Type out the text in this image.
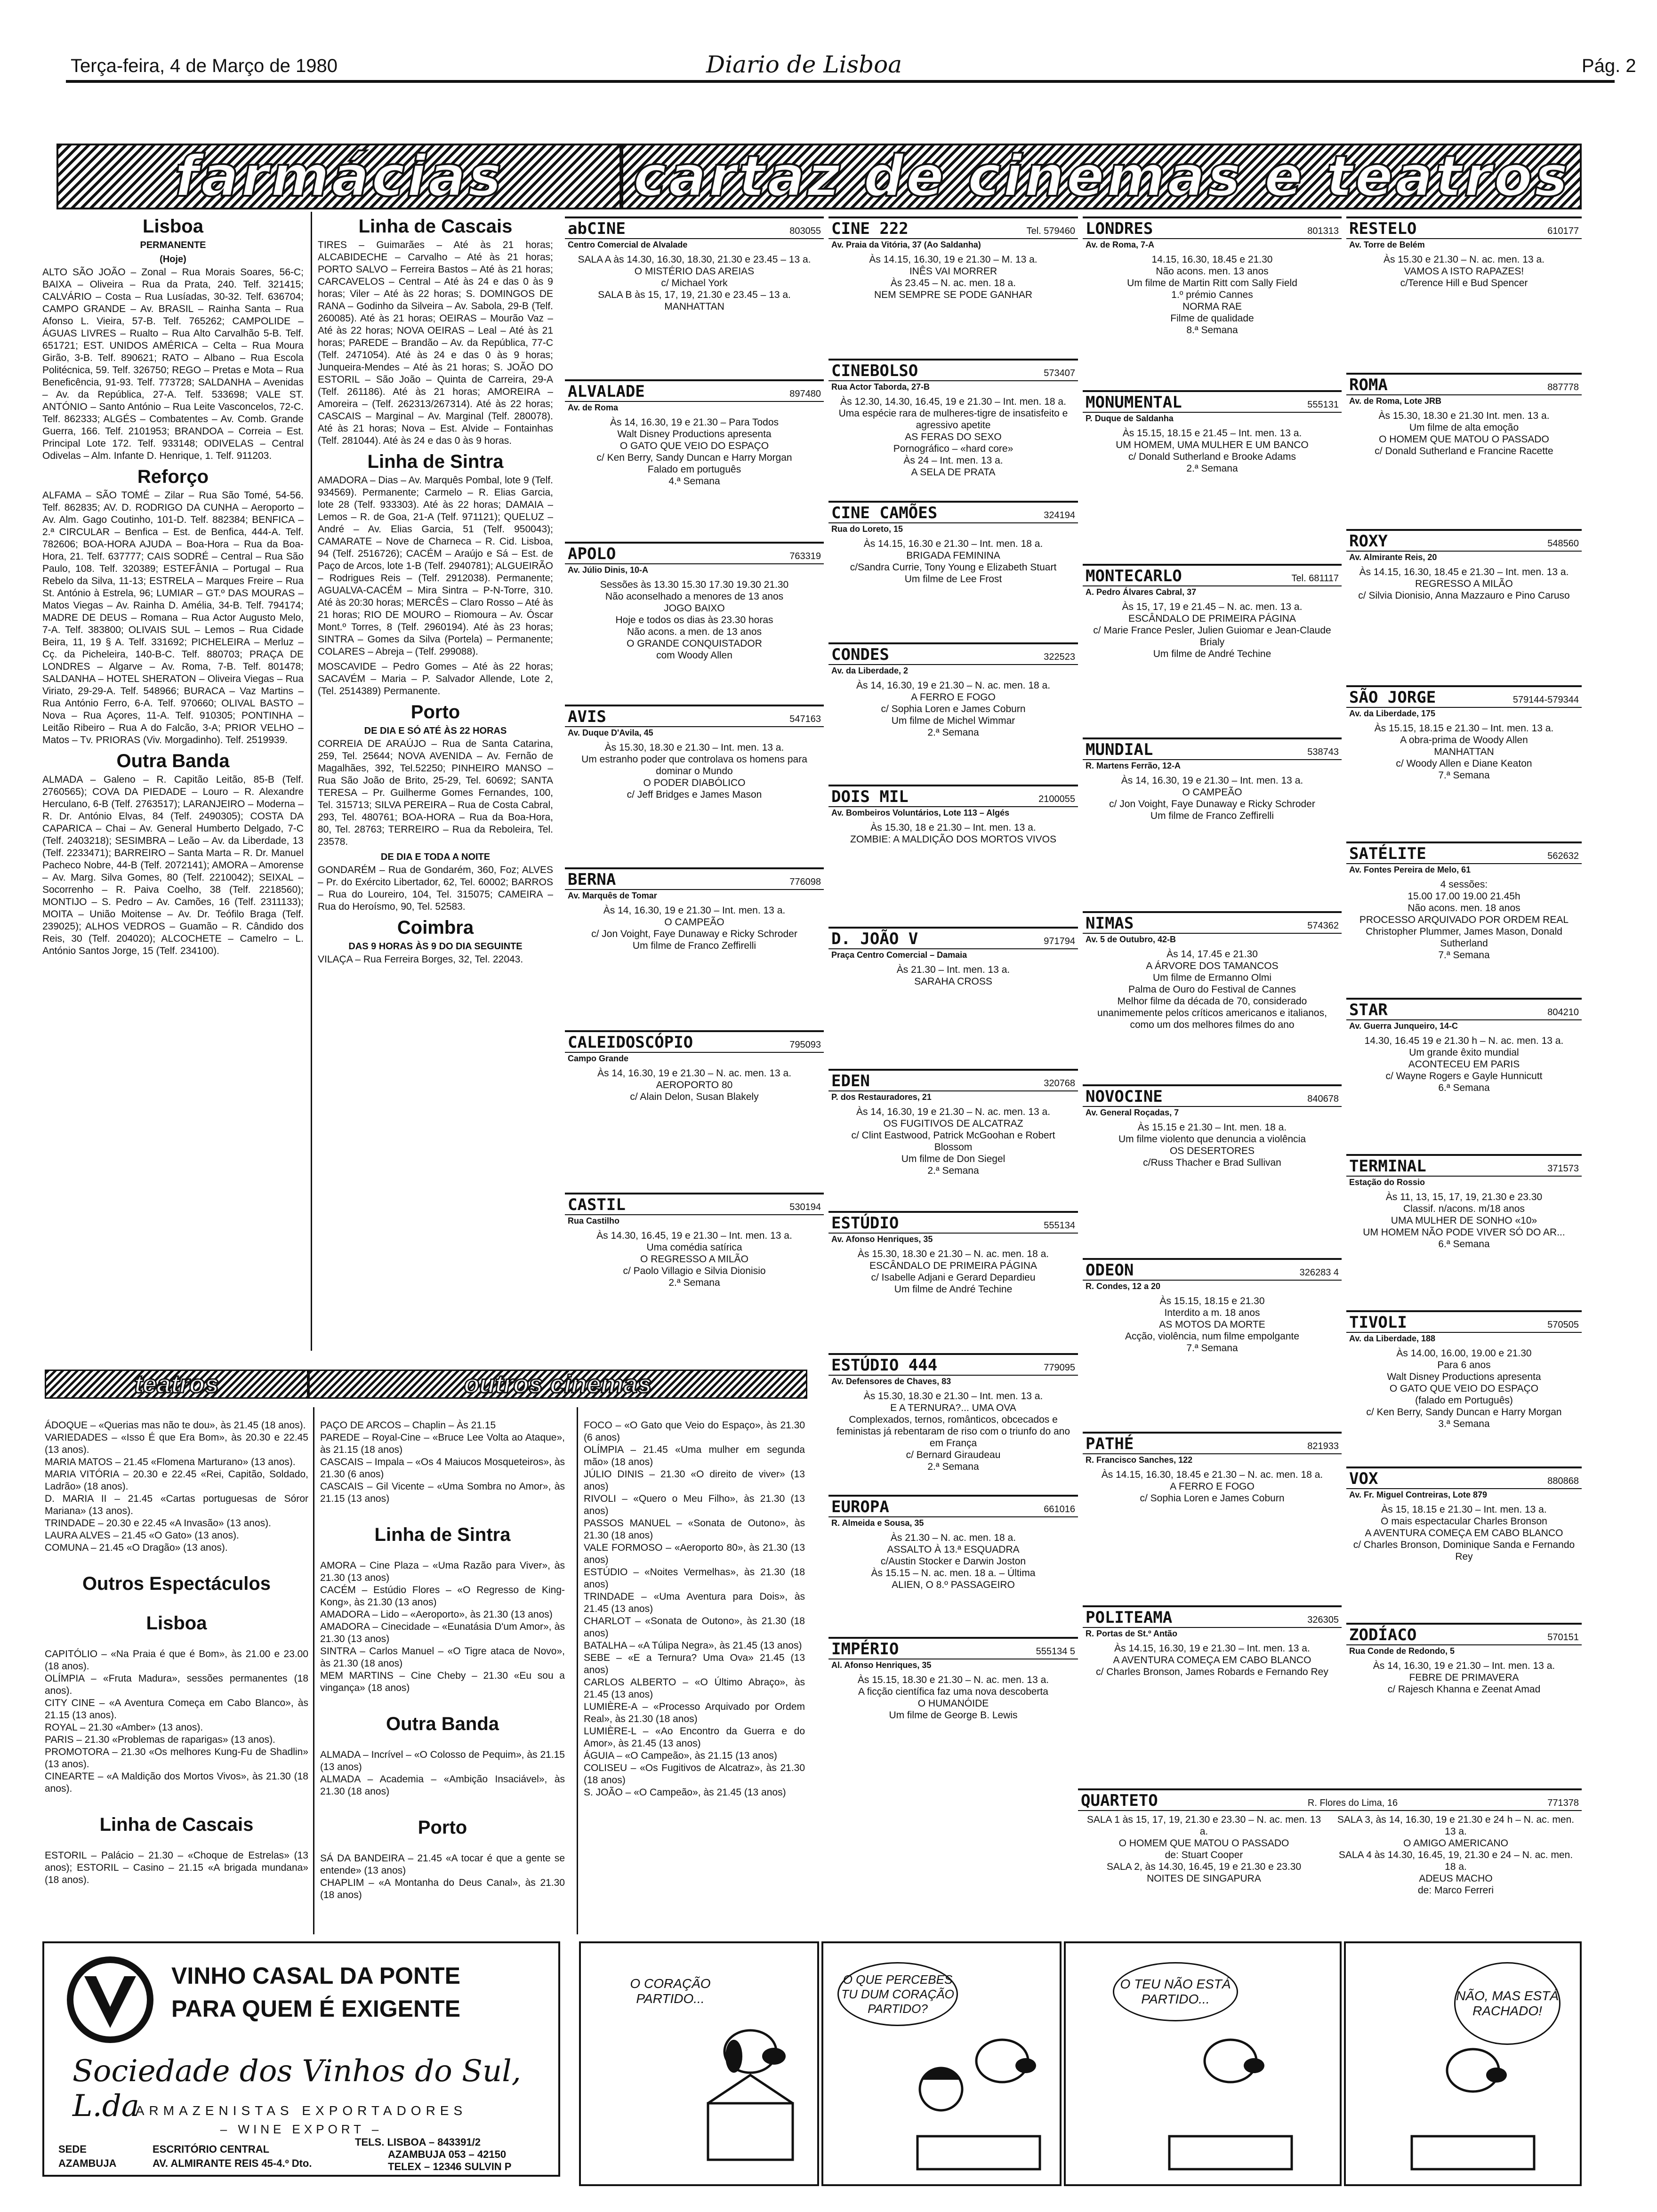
Terça-feira, 4 de Março de 1980	Diario de Lisboa	Pág. 2
farmácias cartaz de cinemas e teatros
Lisboa
PERMANENTE
(Hoje)

ALTO SÃO JOÃO – Zonal – Rua Morais Soares, 56-C; BAIXA – Oliveira – Rua da Prata, 240. Telf. 321415; CALVÁRIO – Costa – Rua Lusíadas, 30-32. Telf. 636704; CAMPO GRANDE – Av. BRASIL – Rainha Santa – Rua Afonso L. Vieira, 57-B. Telf. 765262; CAMPOLIDE – ÁGUAS LIVRES – Rualto – Rua Alto Carvalhão 5-B. Telf. 651721; EST. UNIDOS AMÉRICA – Celta – Rua Moura Girão, 3-B. Telf. 890621; RATO – Albano – Rua Escola Politécnica, 59. Telf. 326750; REGO – Pretas e Mota – Rua Beneficência, 91-93. Telf. 773728; SALDANHA – Avenidas – Av. da República, 27-A. Telf. 533698; VALE ST. ANTÓNIO – Santo António – Rua Leite Vasconcelos, 72-C. Telf. 862333; ALGÉS – Combatentes – Av. Comb. Grande Guerra, 166. Telf. 2101953; BRANDOA – Correia – Est. Principal Lote 172. Telf. 933148; ODIVELAS – Central Odivelas – Alm. Infante D. Henrique, 1. Telf. 911203.

Reforço

ALFAMA – SÃO TOMÉ – Zilar – Rua São Tomé, 54-56. Telf. 862835; AV. D. RODRIGO DA CUNHA – Aeroporto – Av. Alm. Gago Coutinho, 101-D. Telf. 882384; BENFICA – 2.ª CIRCULAR – Benfica – Est. de Benfica, 444-A. Telf. 782606; BOA-HORA AJUDA – Boa-Hora – Rua da Boa-Hora, 21. Telf. 637777; CAIS SODRÉ – Central – Rua São Paulo, 108. Telf. 320389; ESTEFÂNIA – Portugal – Rua Rebelo da Silva, 11-13; ESTRELA – Marques Freire – Rua St. António à Estrela, 96; LUMIAR – GT.º DAS MOURAS – Matos Viegas – Av. Rainha D. Amélia, 34-B. Telf. 794174; MADRE DE DEUS – Romana – Rua Actor Augusto Melo, 7-A. Telf. 383800; OLIVAIS SUL – Lemos – Rua Cidade Beira, 11, 19 § A. Telf. 331692; PICHELEIRA – Merluz – Cç. da Picheleira, 140-B-C. Telf. 880703; PRAÇA DE LONDRES – Algarve – Av. Roma, 7-B. Telf. 801478; SALDANHA – HOTEL SHERATON – Oliveira Viegas – Rua Viriato, 29-29-A. Telf. 548966; BURACA – Vaz Martins – Rua António Ferro, 6-A. Telf. 970660; OLIVAL BASTO – Nova – Rua Açores, 11-A. Telf. 910305; PONTINHA – Leitão Ribeiro – Rua A do Falcão, 3-A; PRIOR VELHO – Matos – Tv. PRIORAS (Viv. Morgadinho). Telf. 2519939.

Outra Banda

ALMADA – Galeno – R. Capitão Leitão, 85-B (Telf. 2760565); COVA DA PIEDADE – Louro – R. Alexandre Herculano, 6-B (Telf. 2763517); LARANJEIRO – Moderna – R. Dr. António Elvas, 84 (Telf. 2490305); COSTA DA CAPARICA – Chai – Av. General Humberto Delgado, 7-C (Telf. 2403218); SESIMBRA – Leão – Av. da Liberdade, 13 (Telf. 2233471); BARREIRO – Santa Marta – R. Dr. Manuel Pacheco Nobre, 44-B (Telf. 2072141); AMORA – Amorense – Av. Marg. Silva Gomes, 80 (Telf. 2210042); SEIXAL – Socorrenho – R. Paiva Coelho, 38 (Telf. 2218560); MONTIJO – S. Pedro – Av. Camões, 16 (Telf. 2311133); MOITA – União Moitense – Av. Dr. Teófilo Braga (Telf. 239025); ALHOS VEDROS – Guamão – R. Cândido dos Reis, 30 (Telf. 204020); ALCOCHETE – Camelro – L. António Santos Jorge, 15 (Telf. 234100).

Linha de Cascais

TIRES – Guimarães – Até às 21 horas; ALCABIDECHE – Carvalho – Até às 21 horas; PORTO SALVO – Ferreira Bastos – Até às 21 horas; CARCAVELOS – Central – Até às 24 e das 0 às 9 horas; Viler – Até às 22 horas; S. DOMINGOS DE RANA – Godinho da Silveira – Av. Sabola, 29-B (Telf. 260085). Até às 21 horas; OEIRAS – Mourão Vaz – Até às 22 horas; NOVA OEIRAS – Leal – Até às 21 horas; PAREDE – Brandão – Av. da República, 77-C (Telf. 2471054). Até às 24 e das 0 às 9 horas; Junqueira-Mendes – Até às 21 horas; S. JOÃO DO ESTORIL – São João – Quinta de Carreira, 29-A (Telf. 261186). Até às 21 horas; AMOREIRA – Amoreira – (Telf. 262313/267314). Até às 22 horas; CASCAIS – Marginal – Av. Marginal (Telf. 280078). Até às 21 horas; Nova – Est. Alvide – Fontainhas (Telf. 281044). Até às 24 e das 0 às 9 horas.

Linha de Sintra

AMADORA – Dias – Av. Marquês Pombal, lote 9 (Telf. 934569). Permanente; Carmelo – R. Elias Garcia, lote 28 (Telf. 933303). Até às 22 horas; DAMAIA – Lemos – R. de Goa, 21-A (Telf. 971121); QUELUZ – André – Av. Elias Garcia, 51 (Telf. 950043); CAMARATE – Nove de Charneca – R. Cid. Lisboa, 94 (Telf. 2516726); CACÉM – Araújo e Sá – Est. de Paço de Arcos, lote 1-B (Telf. 2940781); ALGUEIRÃO – Rodrigues Reis – (Telf. 2912038). Permanente; AGUALVA-CACÉM – Mira Sintra – P-N-Torre, 310. Até às 20:30 horas; MERCÊS – Claro Rosso – Até às 21 horas; RIO DE MOURO – Riomoura – Av. Óscar Mont.º Torres, 8 (Telf. 2960194). Até às 23 horas; SINTRA – Gomes da Silva (Portela) – Permanente; COLARES – Abreja – (Telf. 299088).

MOSCAVIDE – Pedro Gomes – Até às 22 horas; SACAVÉM – Maria – P. Salvador Allende, Lote 2, (Tel. 2514389) Permanente.

Porto
DE DIA E SÓ ATÉ ÀS 22 HORAS

CORREIA DE ARAÚJO – Rua de Santa Catarina, 259, Tel. 25644; NOVA AVENIDA – Av. Fernão de Magalhães, 392, Tel.52250; PINHEIRO MANSO – Rua São João de Brito, 25-29, Tel. 60692; SANTA TERESA – Pr. Guilherme Gomes Fernandes, 100, Tel. 315713; SILVA PEREIRA – Rua de Costa Cabral, 293, Tel. 480761; BOA-HORA – Rua da Boa-Hora, 80, Tel. 28763; TERREIRO – Rua da Reboleira, Tel. 23578.

DE DIA E TODA A NOITE

GONDARÉM – Rua de Gondarém, 360, Foz; ALVES – Pr. do Exército Libertador, 62, Tel. 60002; BARROS – Rua do Loureiro, 104, Tel. 315075; CAMEIRA – Rua do Heroísmo, 90, Tel. 52583.

Coimbra
DAS 9 HORAS ÀS 9 DO DIA SEGUINTE

VILAÇA – Rua Ferreira Borges, 32, Tel. 22043.

teatros	outros cinemas

ÁDOQUE – «Querias mas não te dou», às 21.45 (18 anos).
VARIEDADES – «Isso É que Era Bom», às 20.30 e 22.45 (13 anos).
MARIA MATOS – 21.45 «Flomena Marturano» (13 anos).
MARIA VITÓRIA – 20.30 e 22.45 «Rei, Capitão, Soldado, Ladrão» (18 anos).
D. MARIA II – 21.45 «Cartas portuguesas de Sóror Mariana» (13 anos).
TRINDADE – 20.30 e 22.45 «A Invasão» (13 anos).
LAURA ALVES – 21.45 «O Gato» (13 anos).
COMUNA – 21.45 «O Dragão» (13 anos).

Outros Espectáculos

Lisboa

CAPITÓLIO – «Na Praia é que é Bom», às 21.00 e 23.00 (18 anos).
OLÍMPIA – «Fruta Madura», sessões permanentes (18 anos).
CITY CINE – «A Aventura Começa em Cabo Blanco», às 21.15 (13 anos).
ROYAL – 21.30 «Amber» (13 anos).
PARIS – 21.30 «Problemas de raparigas» (13 anos).
PROMOTORA – 21.30 «Os melhores Kung-Fu de Shadlin» (13 anos).
CINEARTE – «A Maldição dos Mortos Vivos», às 21.30 (18 anos).

Linha de Cascais

ESTORIL – Palácio – 21.30 – «Choque de Estrelas» (13 anos); ESTORIL – Casino – 21.15 «A brigada mundana» (18 anos).

PAÇO DE ARCOS – Chaplin – Às 21.15
PAREDE – Royal-Cine – «Bruce Lee Volta ao Ataque», às 21.15 (18 anos)
CASCAIS – Impala – «Os 4 Maiucos Mosqueteiros», às 21.30 (6 anos)
CASCAIS – Gil Vicente – «Uma Sombra no Amor», às 21.15 (13 anos)

Linha de Sintra

AMORA – Cine Plaza – «Uma Razão para Viver», às 21.30 (13 anos)
CACÉM – Estúdio Flores – «O Regresso de King-Kong», às 21.30 (13 anos)
AMADORA – Lido – «Aeroporto», às 21.30 (13 anos)
AMADORA – Cinecidade – «Eunatásia D'um Amor», às 21.30 (13 anos)
SINTRA – Carlos Manuel – «O Tigre ataca de Novo», às 21.30 (18 anos)
MEM MARTINS – Cine Cheby – 21.30 «Eu sou a vingança» (18 anos)

Outra Banda

ALMADA – Incrível – «O Colosso de Pequim», às 21.15 (13 anos)
ALMADA – Academia – «Ambição Insaciável», às 21.30 (18 anos)

Porto

SÁ DA BANDEIRA – 21.45 «A tocar é que a gente se entende» (13 anos)
CHAPLIM – «A Montanha do Deus Canal», às 21.30 (18 anos)

FOCO – «O Gato que Veio do Espaço», às 21.30 (6 anos)
OLÍMPIA – 21.45 «Uma mulher em segunda mão» (18 anos)
JÚLIO DINIS – 21.30 «O direito de viver» (13 anos)
RIVOLI – «Quero o Meu Filho», às 21.30 (13 anos)
PASSOS MANUEL – «Sonata de Outono», às 21.30 (18 anos)
VALE FORMOSO – «Aeroporto 80», às 21.30 (13 anos)
ESTÚDIO – «Noites Vermelhas», às 21.30 (18 anos)
TRINDADE – «Uma Aventura para Dois», às 21.45 (13 anos)
CHARLOT – «Sonata de Outono», às 21.30 (18 anos)
BATALHA – «A Túlipa Negra», às 21.45 (13 anos)
SEBE – «E a Ternura? Uma Ova» 21.45 (13 anos)
CARLOS ALBERTO – «O Último Abraço», às 21.45 (13 anos)
LUMIÈRE-A – «Processo Arquivado por Ordem Real», às 21.30 (18 anos)
LUMIÈRE-L – «Ao Encontro da Guerra e do Amor», às 21.45 (13 anos)
ÁGUIA – «O Campeão», às 21.15 (13 anos)
COLISEU – «Os Fugitivos de Alcatraz», às 21.30 (18 anos)
S. JOÃO – «O Campeão», às 21.45 (13 anos)

abCINE	803055
Centro Comercial de Alvalade
SALA A às 14.30, 16.30, 18.30, 21.30 e 23.45 – 13 a.
O MISTÉRIO DAS AREIAS
c/ Michael York
SALA B às 15, 17, 19, 21.30 e 23.45 – 13 a.
MANHATTAN
ALVALADE	897480
Av. de Roma
Às 14, 16.30, 19 e 21.30 – Para Todos
Walt Disney Productions apresenta
O GATO QUE VEIO DO ESPAÇO
c/ Ken Berry, Sandy Duncan e Harry Morgan
Falado em português
4.ª Semana
APOLO	763319
Av. Júlio Dinis, 10-A
Sessões às 13.30 15.30 17.30 19.30 21.30
Não aconselhado a menores de 13 anos
JOGO BAIXO
Hoje e todos os dias às 23.30 horas
Não acons. a men. de 13 anos
O GRANDE CONQUISTADOR
com Woody Allen
AVIS	547163
Av. Duque D'Avila, 45
Às 15.30, 18.30 e 21.30 – Int. men. 13 a.
Um estranho poder que controlava os homens para dominar o Mundo
O PODER DIABÓLICO
c/ Jeff Bridges e James Mason
BERNA	776098
Av. Marquês de Tomar
Às 14, 16.30, 19 e 21.30 – Int. men. 13 a.
O CAMPEÃO
c/ Jon Voight, Faye Dunaway e Ricky Schroder
Um filme de Franco Zeffirelli
CALEIDOSCÓPIO	795093
Campo Grande
Às 14, 16.30, 19 e 21.30 – N. ac. men. 13 a.
AEROPORTO 80
c/ Alain Delon, Susan Blakely
CASTIL	530194
Rua Castilho
Às 14.30, 16.45, 19 e 21.30 – Int. men. 13 a.
Uma comédia satírica
O REGRESSO A MILÃO
c/ Paolo Villagio e Silvia Dionisio
2.ª Semana
CINE 222	Tel. 579460
Av. Praia da Vitória, 37 (Ao Saldanha)
Às 14.15, 16.30, 19 e 21.30 – M. 13 a.
INÊS VAI MORRER
Às 23.45 – N. ac. men. 18 a.
NEM SEMPRE SE PODE GANHAR
CINEBOLSO	573407
Rua Actor Taborda, 27-B
Às 12.30, 14.30, 16.45, 19 e 21.30 – Int. men. 18 a.
Uma espécie rara de mulheres-tigre de insatisfeito e agressivo apetite
AS FERAS DO SEXO
Pornográfico – «hard core»
Às 24 – Int. men. 13 a.
A SELA DE PRATA
CINE CAMÕES	324194
Rua do Loreto, 15
Às 14.15, 16.30 e 21.30 – Int. men. 18 a.
BRIGADA FEMININA
c/Sandra Currie, Tony Young e Elizabeth Stuart
Um filme de Lee Frost
CONDES	322523
Av. da Liberdade, 2
Às 14, 16.30, 19 e 21.30 – N. ac. men. 18 a.
A FERRO E FOGO
c/ Sophia Loren e James Coburn
Um filme de Michel Wimmar
2.ª Semana
DOIS MIL	2100055
Av. Bombeiros Voluntários, Lote 113 – Algés
Às 15.30, 18 e 21.30 – Int. men. 13 a.
ZOMBIE: A MALDIÇÃO DOS MORTOS VIVOS
D. JOÃO V	971794
Praça Centro Comercial – Damaia
Às 21.30 – Int. men. 13 a.
SARAHA CROSS
EDEN	320768
P. dos Restauradores, 21
Às 14, 16.30, 19 e 21.30 – N. ac. men. 13 a.
OS FUGITIVOS DE ALCATRAZ
c/ Clint Eastwood, Patrick McGoohan e Robert Blossom
Um filme de Don Siegel
2.ª Semana
ESTÚDIO	555134
Av. Afonso Henriques, 35
Às 15.30, 18.30 e 21.30 – N. ac. men. 18 a.
ESCÂNDALO DE PRIMEIRA PÁGINA
c/ Isabelle Adjani e Gerard Depardieu
Um filme de André Techine
ESTÚDIO 444	779095
Av. Defensores de Chaves, 83
Às 15.30, 18.30 e 21.30 – Int. men. 13 a.
E A TERNURA?... UMA OVA
Complexados, ternos, românticos, obcecados e feministas já rebentaram de riso com o triunfo do ano em França
c/ Bernard Giraudeau
2.ª Semana
EUROPA	661016
R. Almeida e Sousa, 35
Às 21.30 – N. ac. men. 18 a.
ASSALTO À 13.ª ESQUADRA
c/Austin Stocker e Darwin Joston
Às 15.15 – N. ac. men. 18 a. – Última
ALIEN, O 8.º PASSAGEIRO
IMPÉRIO	555134 5
Al. Afonso Henriques, 35
Às 15.15, 18.30 e 21.30 – N. ac. men. 13 a.
A ficção científica faz uma nova descoberta
O HUMANÓIDE
Um filme de George B. Lewis
LONDRES	801313
Av. de Roma, 7-A
14.15, 16.30, 18.45 e 21.30
Não acons. men. 13 anos
Um filme de Martin Ritt com Sally Field
1.º prémio Cannes
NORMA RAE
Filme de qualidade
8.ª Semana
MONUMENTAL	555131
P. Duque de Saldanha
Às 15.15, 18.15 e 21.45 – Int. men. 13 a.
UM HOMEM, UMA MULHER E UM BANCO
c/ Donald Sutherland e Brooke Adams
2.ª Semana
MONTECARLO	Tel. 681117
A. Pedro Álvares Cabral, 37
Às 15, 17, 19 e 21.45 – N. ac. men. 13 a.
ESCÂNDALO DE PRIMEIRA PÁGINA
c/ Marie France Pesler, Julien Guiomar e Jean-Claude Brialy
Um filme de André Techine
MUNDIAL	538743
R. Martens Ferrão, 12-A
Às 14, 16.30, 19 e 21.30 – Int. men. 13 a.
O CAMPEÃO
c/ Jon Voight, Faye Dunaway e Ricky Schroder
Um filme de Franco Zeffirelli
NIMAS	574362
Av. 5 de Outubro, 42-B
Às 14, 17.45 e 21.30
A ÁRVORE DOS TAMANCOS
Um filme de Ermanno Olmi
Palma de Ouro do Festival de Cannes
Melhor filme da década de 70, considerado unanimemente pelos críticos americanos e italianos, como um dos melhores filmes do ano
NOVOCINE	840678
Av. General Roçadas, 7
Às 15.15 e 21.30 – Int. men. 18 a.
Um filme violento que denuncia a violência
OS DESERTORES
c/Russ Thacher e Brad Sullivan
ODEON	326283 4
R. Condes, 12 a 20
Às 15.15, 18.15 e 21.30
Interdito a m. 18 anos
AS MOTOS DA MORTE
Acção, violência, num filme empolgante
7.ª Semana
PATHÉ	821933
R. Francisco Sanches, 122
Às 14.15, 16.30, 18.45 e 21.30 – N. ac. men. 18 a.
A FERRO E FOGO
c/ Sophia Loren e James Coburn
POLITEAMA	326305
R. Portas de St.º Antão
Às 14.15, 16.30, 19 e 21.30 – Int. men. 13 a.
A AVENTURA COMEÇA EM CABO BLANCO
c/ Charles Bronson, James Robards e Fernando Rey
RESTELO	610177
Av. Torre de Belém
Às 15.30 e 21.30 – N. ac. men. 13 a.
VAMOS A ISTO RAPAZES!
c/Terence Hill e Bud Spencer
ROMA	887778
Av. de Roma, Lote JRB
Às 15.30, 18.30 e 21.30 Int. men. 13 a.
Um filme de alta emoção
O HOMEM QUE MATOU O PASSADO
c/ Donald Sutherland e Francine Racette
ROXY	548560
Av. Almirante Reis, 20
Às 14.15, 16.30, 18.45 e 21.30 – Int. men. 13 a.
REGRESSO A MILÃO
c/ Silvia Dionisio, Anna Mazzauro e Pino Caruso
SÃO JORGE	579144-579344
Av. da Liberdade, 175
Às 15.15, 18.15 e 21.30 – Int. men. 13 a.
A obra-prima de Woody Allen
MANHATTAN
c/ Woody Allen e Diane Keaton
7.ª Semana
SATÉLITE	562632
Av. Fontes Pereira de Melo, 61
4 sessões:
15.00 17.00 19.00 21.45h
Não acons. men. 18 anos
PROCESSO ARQUIVADO POR ORDEM REAL
Christopher Plummer, James Mason, Donald Sutherland
7.ª Semana
STAR	804210
Av. Guerra Junqueiro, 14-C
14.30, 16.45 19 e 21.30 h – N. ac. men. 13 a.
Um grande êxito mundial
ACONTECEU EM PARIS
c/ Wayne Rogers e Gayle Hunnicutt
6.ª Semana
TERMINAL	371573
Estação do Rossio
Às 11, 13, 15, 17, 19, 21.30 e 23.30
Classif. n/acons. m/18 anos
UMA MULHER DE SONHO «10»
UM HOMEM NÃO PODE VIVER SÓ DO AR...
6.ª Semana
TIVOLI	570505
Av. da Liberdade, 188
Às 14.00, 16.00, 19.00 e 21.30
Para 6 anos
Walt Disney Productions apresenta
O GATO QUE VEIO DO ESPAÇO
(falado em Português)
c/ Ken Berry, Sandy Duncan e Harry Morgan
3.ª Semana
VOX	880868
Av. Fr. Miguel Contreiras, Lote 879
Às 15, 18.15 e 21.30 – Int. men. 13 a.
O mais espectacular Charles Bronson
A AVENTURA COMEÇA EM CABO BLANCO
c/ Charles Bronson, Dominique Sanda e Fernando Rey
ZODÍACO	570151
Rua Conde de Redondo, 5
Às 14, 16.30, 19 e 21.30 – Int. men. 13 a.
FEBRE DE PRIMAVERA
c/ Rajesch Khanna e Zeenat Amad
QUARTETO	R. Flores do Lima, 16	771378
SALA 1 às 15, 17, 19, 21.30 e 23.30 – N. ac. men. 13 a.
O HOMEM QUE MATOU O PASSADO
de: Stuart Cooper
SALA 2, às 14.30, 16.45, 19 e 21.30 e 23.30
NOITES DE SINGAPURA
SALA 3, às 14, 16.30, 19 e 21.30 e 24 h – N. ac. men. 13 a.
O AMIGO AMERICANO
SALA 4 às 14.30, 16.45, 19, 21.30 e 24 – N. ac. men. 18 a.
ADEUS MACHO
de: Marco Ferreri
VINHO CASAL DA PONTE
PARA QUEM É EXIGENTE
Sociedade dos Vinhos do Sul, L.da
ARMAZENISTAS EXPORTADORES
– WINE EXPORT –
SEDE
AZAMBUJA
ESCRITÓRIO CENTRAL
AV. ALMIRANTE REIS 45-4.º Dto.
TELS. LISBOA – 843391/2
AZAMBUJA 053 – 42150
TELEX – 12346 SULVIN P
O CORAÇÃO PARTIDO...
O QUE PERCEBES TU DUM CORAÇÃO PARTIDO?
O TEU NÃO ESTÁ PARTIDO...	NÃO, MAS ESTÁ RACHADO!
